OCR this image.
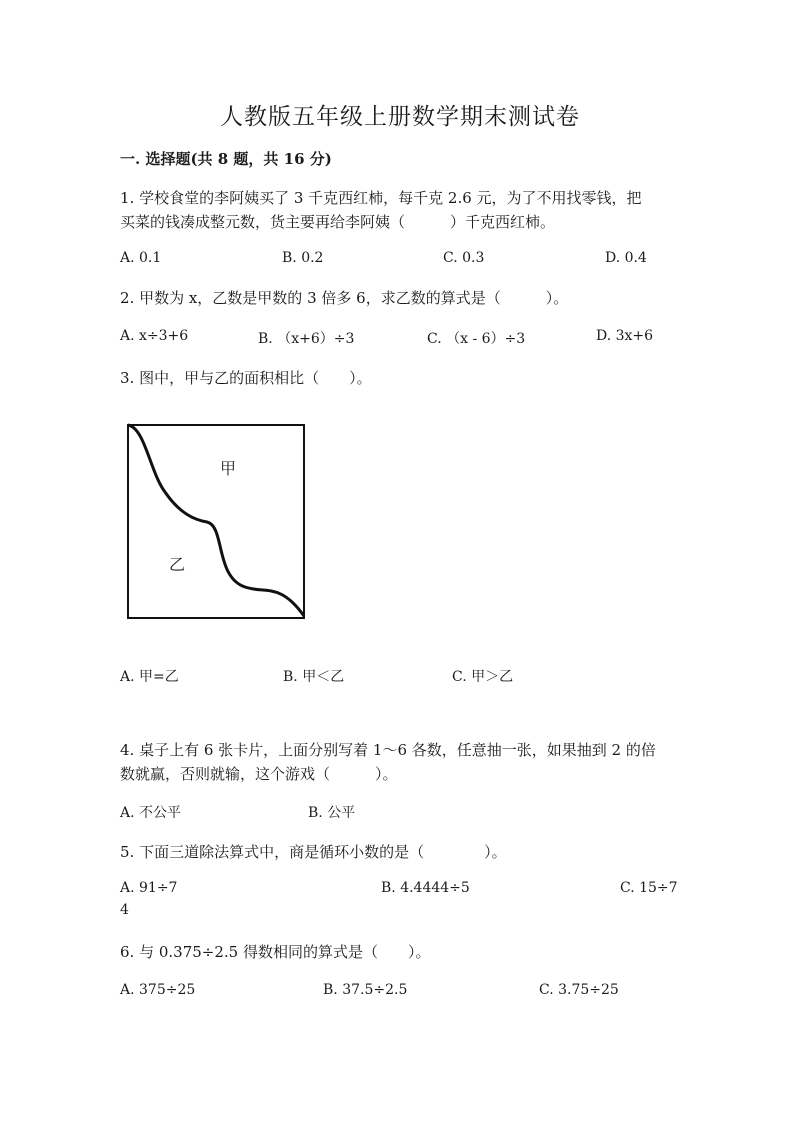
人教版五年级上册数学期末测试卷
一. 选择题(共 8 题，共 16 分)
1. 学校食堂的李阿姨买了 3 千克西红柿，每千克 2.6 元，为了不用找零钱，把
买菜的钱凑成整元数，货主要再给李阿姨（　　　）千克西红柿。
A. 0.1	B. 0.2	C. 0.3	D. 0.4
2. 甲数为 x，乙数是甲数的 3 倍多 6，求乙数的算式是（　　　）。
A. x÷3+6	B. （x+6）÷3	C. （x - 6）÷3	D. 3x+6
3. 图中，甲与乙的面积相比（　　）。
甲
乙
A. 甲=乙	B. 甲＜乙	C. 甲＞乙
4. 桌子上有 6 张卡片，上面分别写着 1～6 各数，任意抽一张，如果抽到 2 的倍
数就赢，否则就输，这个游戏（　　　）。
A. 不公平	B. 公平
5. 下面三道除法算式中，商是循环小数的是（　　　　）。
A. 91÷7	B. 4.4444÷5	C. 15÷7
4
6. 与 0.375÷2.5 得数相同的算式是（　　）。
A. 375÷25	B. 37.5÷2.5	C. 3.75÷25
